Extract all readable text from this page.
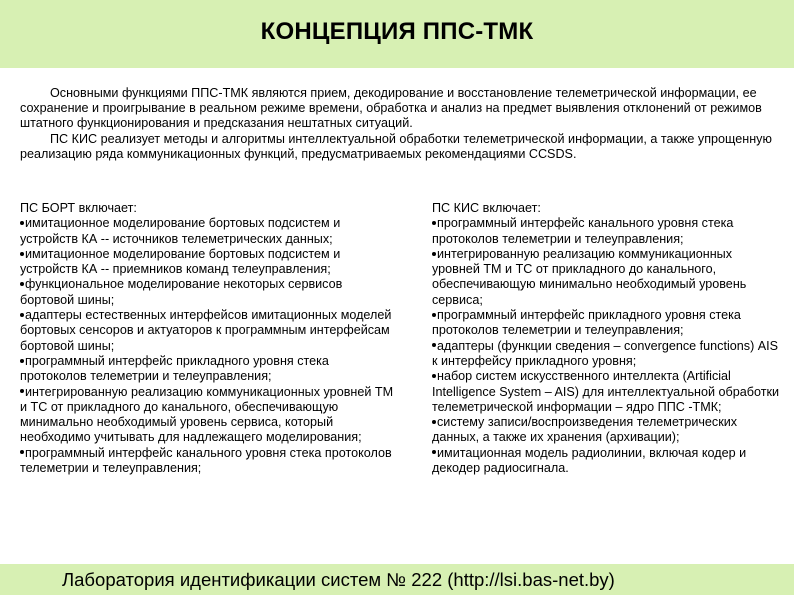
КОНЦЕПЦИЯ ППС-ТМК

Основными функциями ППС-ТМК являются прием, декодирование и восстановление телеметрической информации, ее сохранение и проигрывание в реальном режиме времени, обработка и анализ на предмет выявления отклонений от режимов штатного функционирования и предсказания нештатных ситуаций.

ПС КИС реализует методы и алгоритмы интеллектуальной обработки телеметрической информации, а также упрощенную реализацию ряда коммуникационных функций, предусматриваемых рекомендациями CCSDS.

ПС БОРТ включает:
имитационное моделирование бортовых подсистем и устройств КА -- источников телеметрических данных;
имитационное моделирование бортовых подсистем и устройств КА -- приемников команд телеуправления;
функциональное моделирование некоторых сервисов бортовой шины;
адаптеры естественных интерфейсов имитационных моделей бортовых сенсоров и актуаторов к программным интерфейсам бортовой шины;
программный интерфейс прикладного уровня стека протоколов телеметрии и телеуправления;
интегрированную реализацию коммуникационных уровней ТМ и ТС от прикладного до канального, обеспечивающую минимально необходимый уровень сервиса, который необходимо учитывать для надлежащего моделирования;
программный интерфейс канального уровня стека протоколов телеметрии и телеуправления;
ПС КИС включает:
программный интерфейс канального уровня стека протоколов телеметрии и телеуправления;
интегрированную реализацию коммуникационных уровней ТМ и ТС от прикладного до канального, обеспечивающую минимально необходимый уровень сервиса;
программный интерфейс прикладного уровня стека протоколов телеметрии и телеуправления;
адаптеры (функции сведения – convergence functions) AIS к интерфейсу прикладного уровня;
набор систем искусственного интеллекта (Artificial Intelligence System – AIS) для интеллектуальной обработки телеметрической информации – ядро ППС -ТМК;
систему записи/воспроизведения телеметрических данных, а также их хранения (архивации);
имитационная модель радиолинии, включая кодер и декодер радиосигнала.
Лаборатория идентификации систем № 222 (http://lsi.bas-net.by)
